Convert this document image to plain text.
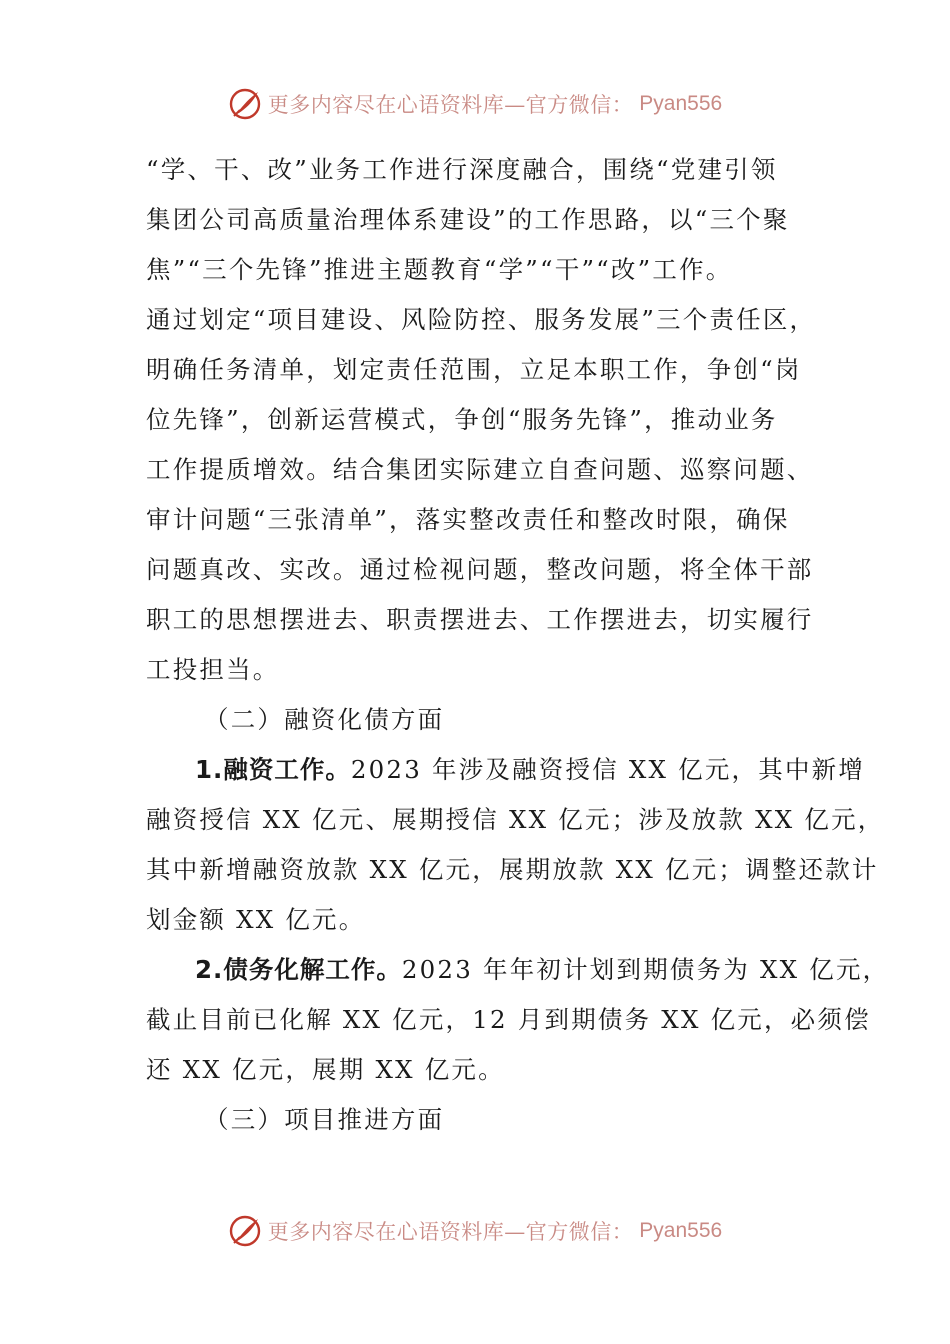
更多内容尽在心语资料库—官方微信： Pyan556
“学、干、改”业务工作进行深度融合，围绕“党建引领
集团公司高质量治理体系建设”的工作思路，以“三个聚
焦”“三个先锋”推进主题教育“学”“干”“改”工作。
通过划定“项目建设、风险防控、服务发展”三个责任区，
明确任务清单，划定责任范围，立足本职工作，争创“岗
位先锋”，创新运营模式，争创“服务先锋”，推动业务
工作提质增效。结合集团实际建立自查问题、巡察问题、
审计问题“三张清单”，落实整改责任和整改时限，确保
问题真改、实改。通过检视问题，整改问题，将全体干部
职工的思想摆进去、职责摆进去、工作摆进去，切实履行
工投担当。
（二）融资化债方面
1.融资工作。2023 年涉及融资授信 XX 亿元，其中新增
融资授信 XX 亿元、展期授信 XX 亿元；涉及放款 XX 亿元，
其中新增融资放款 XX 亿元，展期放款 XX 亿元；调整还款计
划金额 XX 亿元。
2.债务化解工作。2023 年年初计划到期债务为 XX 亿元，
截止目前已化解 XX 亿元，12 月到期债务 XX 亿元，必须偿
还 XX 亿元，展期 XX 亿元。
（三）项目推进方面
更多内容尽在心语资料库—官方微信： Pyan556
